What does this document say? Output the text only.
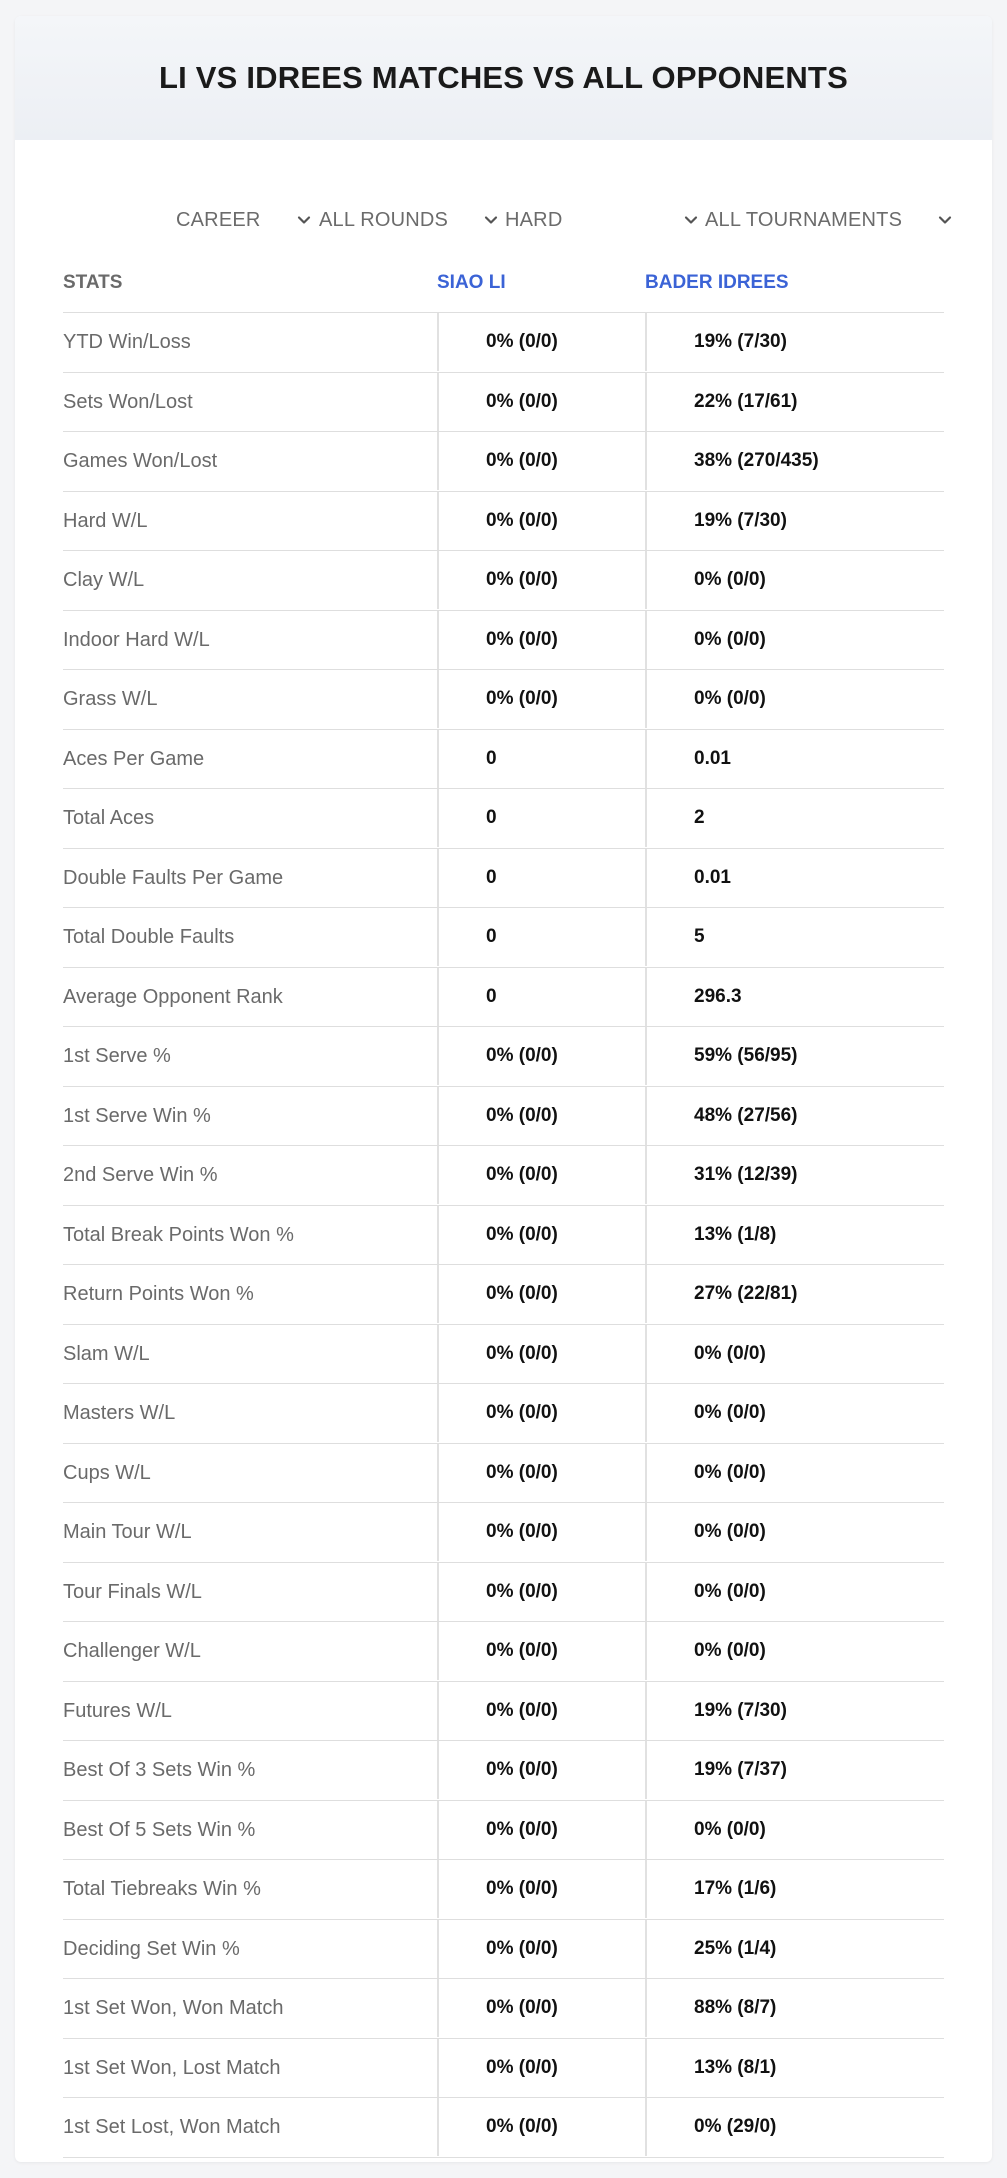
LI VS IDREES MATCHES VS ALL OPPONENTS
CAREER	ALL ROUNDS	HARD	ALL TOURNAMENTS
STATS	SIAO LI	BADER IDREES
YTD Win/Loss	0% (0/0)	19% (7/30)
Sets Won/Lost	0% (0/0)	22% (17/61)
Games Won/Lost	0% (0/0)	38% (270/435)
Hard W/L	0% (0/0)	19% (7/30)
Clay W/L	0% (0/0)	0% (0/0)
Indoor Hard W/L	0% (0/0)	0% (0/0)
Grass W/L	0% (0/0)	0% (0/0)
Aces Per Game	0	0.01
Total Aces	0	2
Double Faults Per Game	0	0.01
Total Double Faults	0	5
Average Opponent Rank	0	296.3
1st Serve %	0% (0/0)	59% (56/95)
1st Serve Win %	0% (0/0)	48% (27/56)
2nd Serve Win %	0% (0/0)	31% (12/39)
Total Break Points Won %	0% (0/0)	13% (1/8)
Return Points Won %	0% (0/0)	27% (22/81)
Slam W/L	0% (0/0)	0% (0/0)
Masters W/L	0% (0/0)	0% (0/0)
Cups W/L	0% (0/0)	0% (0/0)
Main Tour W/L	0% (0/0)	0% (0/0)
Tour Finals W/L	0% (0/0)	0% (0/0)
Challenger W/L	0% (0/0)	0% (0/0)
Futures W/L	0% (0/0)	19% (7/30)
Best Of 3 Sets Win %	0% (0/0)	19% (7/37)
Best Of 5 Sets Win %	0% (0/0)	0% (0/0)
Total Tiebreaks Win %	0% (0/0)	17% (1/6)
Deciding Set Win %	0% (0/0)	25% (1/4)
1st Set Won, Won Match	0% (0/0)	88% (8/7)
1st Set Won, Lost Match	0% (0/0)	13% (8/1)
1st Set Lost, Won Match	0% (0/0)	0% (29/0)
